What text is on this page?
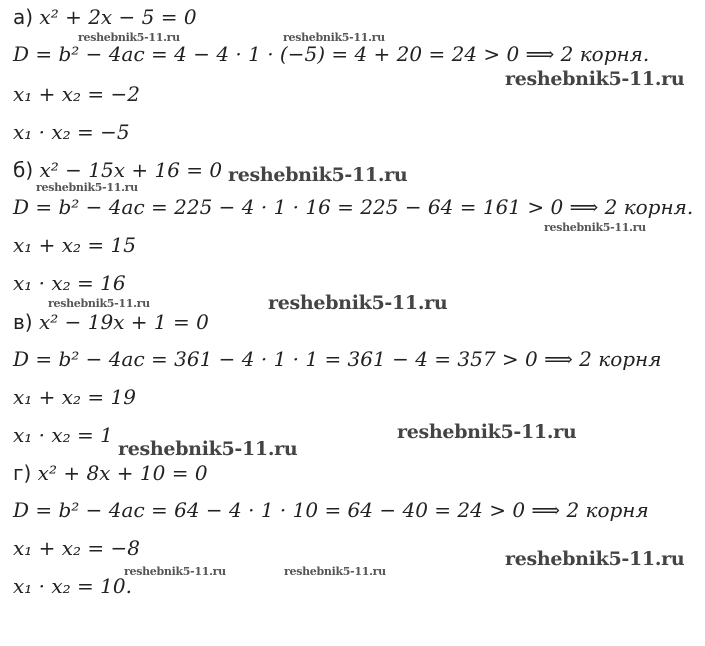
а) x² + 2x − 5 = 0
D = b² − 4ac = 4 − 4 · 1 · (−5) = 4 + 20 = 24 > 0 ⟹ 2 корня.
x₁ + x₂ = −2
x₁ · x₂ = −5
б) x² − 15x + 16 = 0
D = b² − 4ac = 225 − 4 · 1 · 16 = 225 − 64 = 161 > 0 ⟹ 2 корня.
x₁ + x₂ = 15
x₁ · x₂ = 16
в) x² − 19x + 1 = 0
D = b² − 4ac = 361 − 4 · 1 · 1 = 361 − 4 = 357 > 0 ⟹ 2 корня
x₁ + x₂ = 19
x₁ · x₂ = 1
г) x² + 8x + 10 = 0
D = b² − 4ac = 64 − 4 · 1 · 10 = 64 − 40 = 24 > 0 ⟹ 2 корня
x₁ + x₂ = −8
x₁ · x₂ = 10.
reshebnik5-11.ru	reshebnik5-11.ru
reshebnik5-11.ru
reshebnik5-11.ru
reshebnik5-11.ru
reshebnik5-11.ru
reshebnik5-11.ru	reshebnik5-11.ru
reshebnik5-11.ru
reshebnik5-11.ru
reshebnik5-11.ru
reshebnik5-11.ru	reshebnik5-11.ru
